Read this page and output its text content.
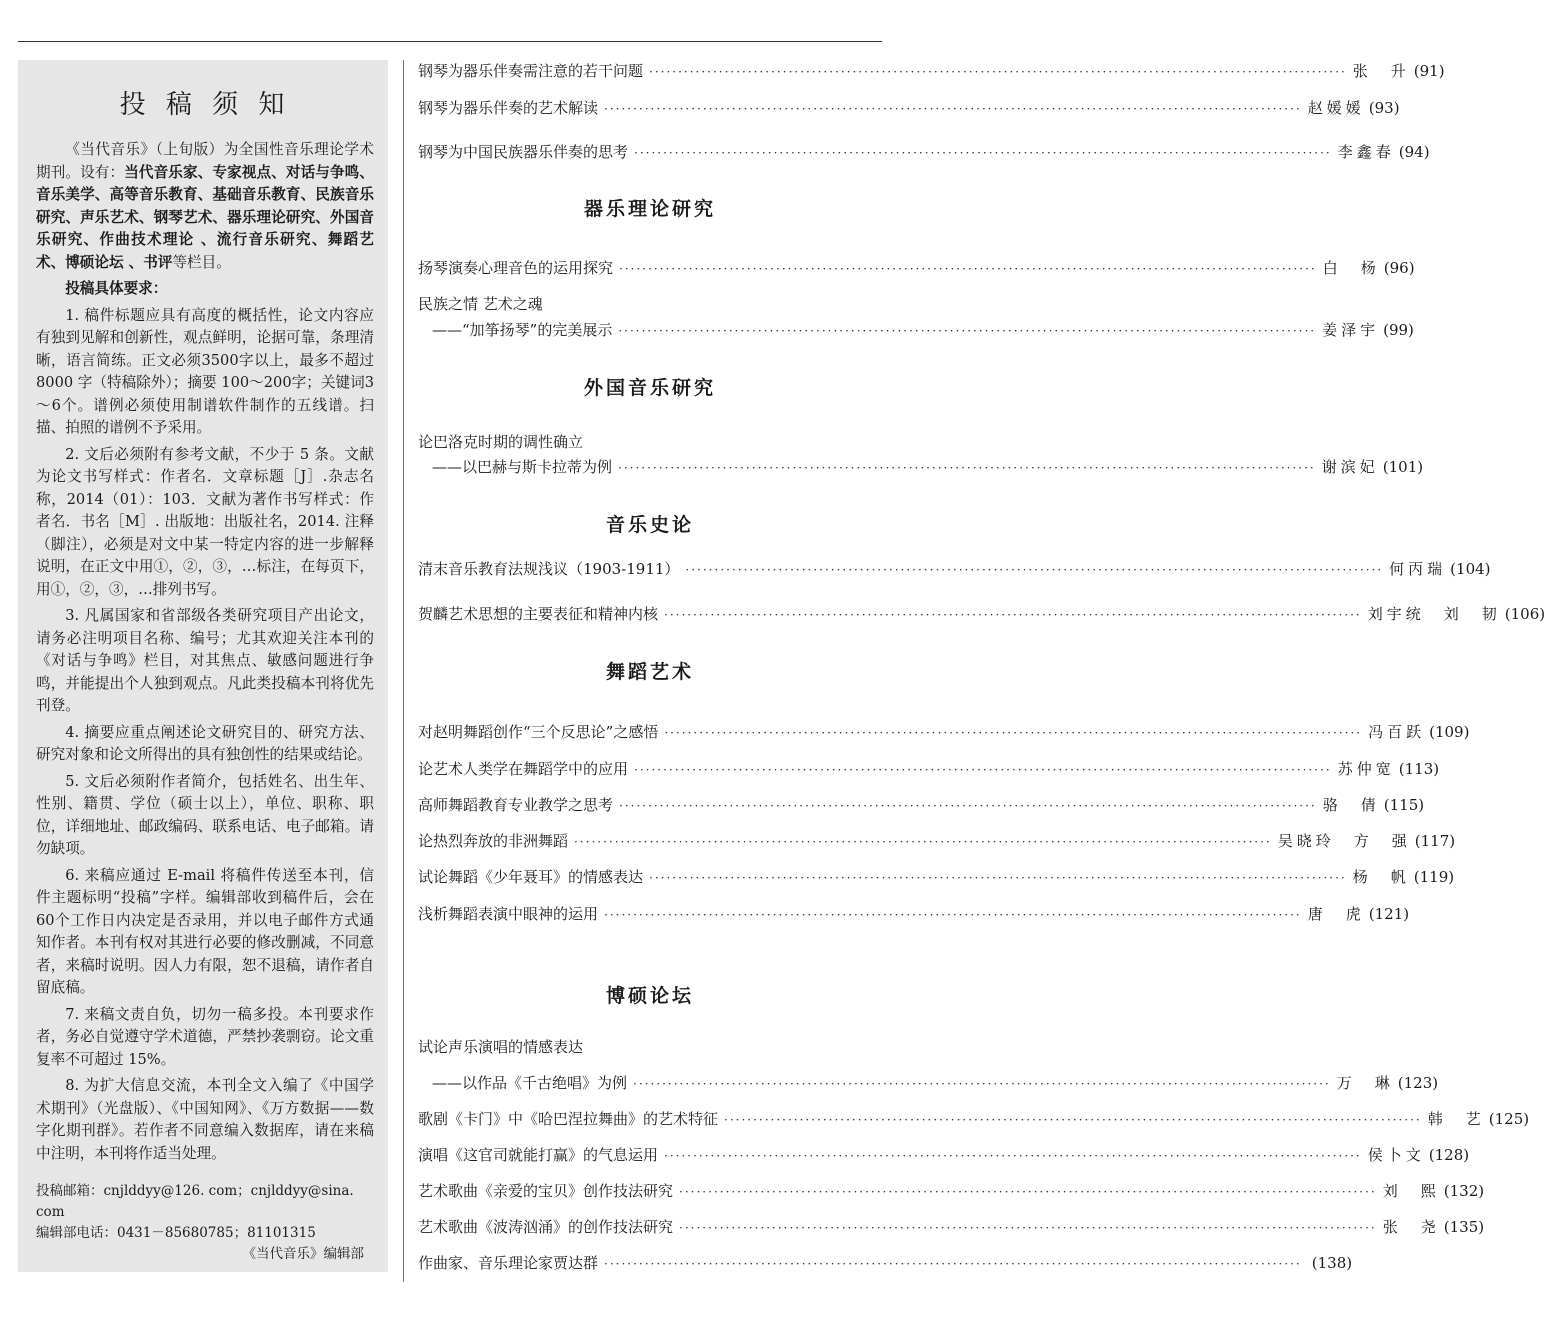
投 稿 须 知

《当代音乐》（上旬版）为全国性音乐理论学术期刊。设有：当代音乐家、专家视点、对话与争鸣、音乐美学、高等音乐教育、基础音乐教育、民族音乐研究、声乐艺术、钢琴艺术、器乐理论研究、外国音乐研究、作曲技术理论 、流行音乐研究、舞蹈艺术、博硕论坛 、书评等栏目。

投稿具体要求：

1. 稿件标题应具有高度的概括性，论文内容应有独到见解和创新性，观点鲜明，论据可靠，条理清晰，语言简练。正文必须3500字以上，最多不超过 8000 字（特稿除外）；摘要 100～200字；关键词3～6个。谱例必须使用制谱软件制作的五线谱。扫描、拍照的谱例不予采用。

2. 文后必须附有参考文献，不少于 5 条。文献为论文书写样式：作者名．文章标题［J］.杂志名称，2014（01）：103．文献为著作书写样式：作者名．书名［M］. 出版地：出版社名，2014. 注释（脚注），必须是对文中某一特定内容的进一步解释说明，在正文中用①，②，③，…标注，在每页下，用①，②，③，…排列书写。

3. 凡属国家和省部级各类研究项目产出论文，请务必注明项目名称、编号；尤其欢迎关注本刊的《对话与争鸣》栏目，对其焦点、敏感问题进行争鸣，并能提出个人独到观点。凡此类投稿本刊将优先刊登。

4. 摘要应重点阐述论文研究目的、研究方法、研究对象和论文所得出的具有独创性的结果或结论。

5. 文后必须附作者简介，包括姓名、出生年、性别、籍贯、学位（硕士以上），单位、职称、职位，详细地址、邮政编码、联系电话、电子邮箱。请勿缺项。

6. 来稿应通过 E-mail 将稿件传送至本刊，信件主题标明“投稿”字样。编辑部收到稿件后，会在60个工作日内决定是否录用，并以电子邮件方式通知作者。本刊有权对其进行必要的修改删减，不同意者，来稿时说明。因人力有限，恕不退稿，请作者自留底稿。

7. 来稿文责自负，切勿一稿多投。本刊要求作者，务必自觉遵守学术道德，严禁抄袭剽窃。论文重复率不可超过 15%。

8. 为扩大信息交流，本刊全文入编了《中国学术期刊》（光盘版）、《中国知网》、《万方数据——数字化期刊群》。若作者不同意编入数据库，请在来稿中注明，本刊将作适当处理。

投稿邮箱：cnjlddyy@126. com；cnjlddyy@sina. com
编辑部电话：0431－85680785；81101315
《当代音乐》编辑部
钢琴为器乐伴奏需注意的若干问题 ························································································································ 张　升 (91)
钢琴为器乐伴奏的艺术解读 ························································································································ 赵媛媛 (93)
钢琴为中国民族器乐伴奏的思考 ························································································································ 李鑫春 (94)
器乐理论研究
扬琴演奏心理音色的运用探究 ························································································································ 白　杨 (96)
民族之情 艺术之魂
——“加筝扬琴”的完美展示 ························································································································ 姜泽宇 (99)
外国音乐研究
论巴洛克时期的调性确立
——以巴赫与斯卡拉蒂为例 ························································································································ 谢滨妃 (101)
音乐史论
清末音乐教育法规浅议（1903-1911） ························································································································ 何丙瑞 (104)
贺麟艺术思想的主要表征和精神内核 ························································································································ 刘宇统　刘　韧 (106)
舞蹈艺术
对赵明舞蹈创作“三个反思论”之感悟 ························································································································ 冯百跃 (109)
论艺术人类学在舞蹈学中的应用 ························································································································ 苏仲宽 (113)
高师舞蹈教育专业教学之思考 ························································································································ 骆　倩 (115)
论热烈奔放的非洲舞蹈 ························································································································ 吴晓玲　方　强 (117)
试论舞蹈《少年聂耳》的情感表达 ························································································································ 杨　帆 (119)
浅析舞蹈表演中眼神的运用 ························································································································ 唐　虎 (121)
博硕论坛
试论声乐演唱的情感表达
——以作品《千古绝唱》为例 ························································································································ 万　琳 (123)
歌剧《卡门》中《哈巴涅拉舞曲》的艺术特征 ························································································································ 韩　艺 (125)
演唱《这官司就能打赢》的气息运用 ························································································································ 侯卜文 (128)
艺术歌曲《亲爱的宝贝》创作技法研究 ························································································································ 刘　熙 (132)
艺术歌曲《波涛汹涌》的创作技法研究 ························································································································ 张　尧 (135)
作曲家、音乐理论家贾达群 ························································································································ (138)
